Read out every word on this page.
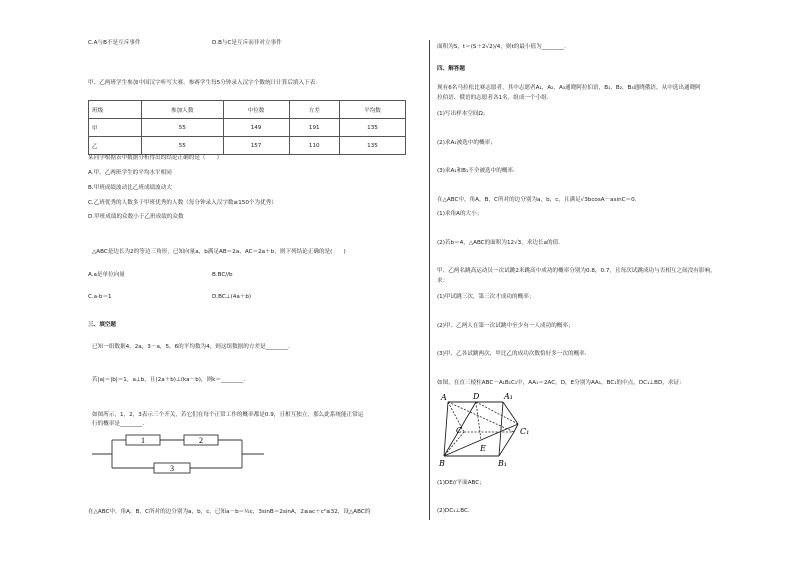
C.A与B不是互斥事件	D.B与C是互斥而非对立事件
甲、乙两班学生参加中国汉字听写大赛，参赛学生每5分钟录入汉字个数统计计算后填入下表：
班级	参加人数	中位数	方差	平均数
甲	55	149	191	135
乙	55	157	110	135
某同学根据表中数据分析得出的结论正确的是（　　）
A.甲、乙两班学生的平均水平相同
B.甲班成绩波动比乙班成绩波动大
C.乙班优秀的人数多于甲班优秀的人数（每分钟录入汉字数≥150个为优秀）
D.甲班成绩的众数小于乙班成绩的众数
△ABC是边长为2的等边三角形，已知向量a，b满足AB＝2a，AC＝2a＋b，则下列结论正确的是(　　)
A.a是单位向量	B.BC//b
C.a·b＝1	D.BC⊥(4a＋b)
三、填空题
已知一组数据4，2a，3－a，5，6的平均数为4，则这组数据的方差是________.
若|a|＝|b|＝1，a⊥b，且(2a＋b)⊥(ka－b)，则k＝________.
如图所示，1，2，3表示三个开关，若它们在每个正常工作的概率都是0.9，且相互独立，那么此系统能正常运
行的概率是________.
1	2
3
在△ABC中，角A，B，C所对的边分别为a，b，c，已知a－b＝½c，3sinB＝2sinA，2≤ac＋c²≤32，设△ABC的
面积为S，t＝(S＋2√2)/4，则t的最小值为________.
四、解答题
现有6名马拉松比赛志愿者，其中志愿者A₁，A₂，A₃通晓阿拉伯语，B₁，B₂，B₃通晓俄语，从中选出通晓阿
拉伯语、俄语的志愿者各1名，组成一个小组．
(1)写出样本空间Ω；
(2)求A₁被选中的概率；
(3)求A₁和B₁不全被选中的概率．
在△ABC中，角A，B，C所对的边分别为a，b，c，且满足√3bcosA－asinC＝0．
(1)求角A的大小；
(2)若b＝4，△ABC的面积为12√3，求边长a的值．
甲、乙两名跳高运动员一次试跳2米跳高中成功的概率分别为0.8，0.7，且每次试跳成功与否相互之间没有影响，
求：
(1)甲试跳三次，第三次才成功的概率；
(2)甲、乙两人在第一次试跳中至少有一人成功的概率；
(3)甲、乙各试跳两次，甲比乙的成功次数恰好多一次的概率．
如图，在直三棱柱ABC－A₁B₁C₁中，AA₁＝2AC，D，E分别为AA₁，BC₁的中点，DC₁⊥BD，求证：
A	D	A₁
C	C₁
E
B	B₁
(1)DE//平面ABC；
(2)DC₁⊥BC.
